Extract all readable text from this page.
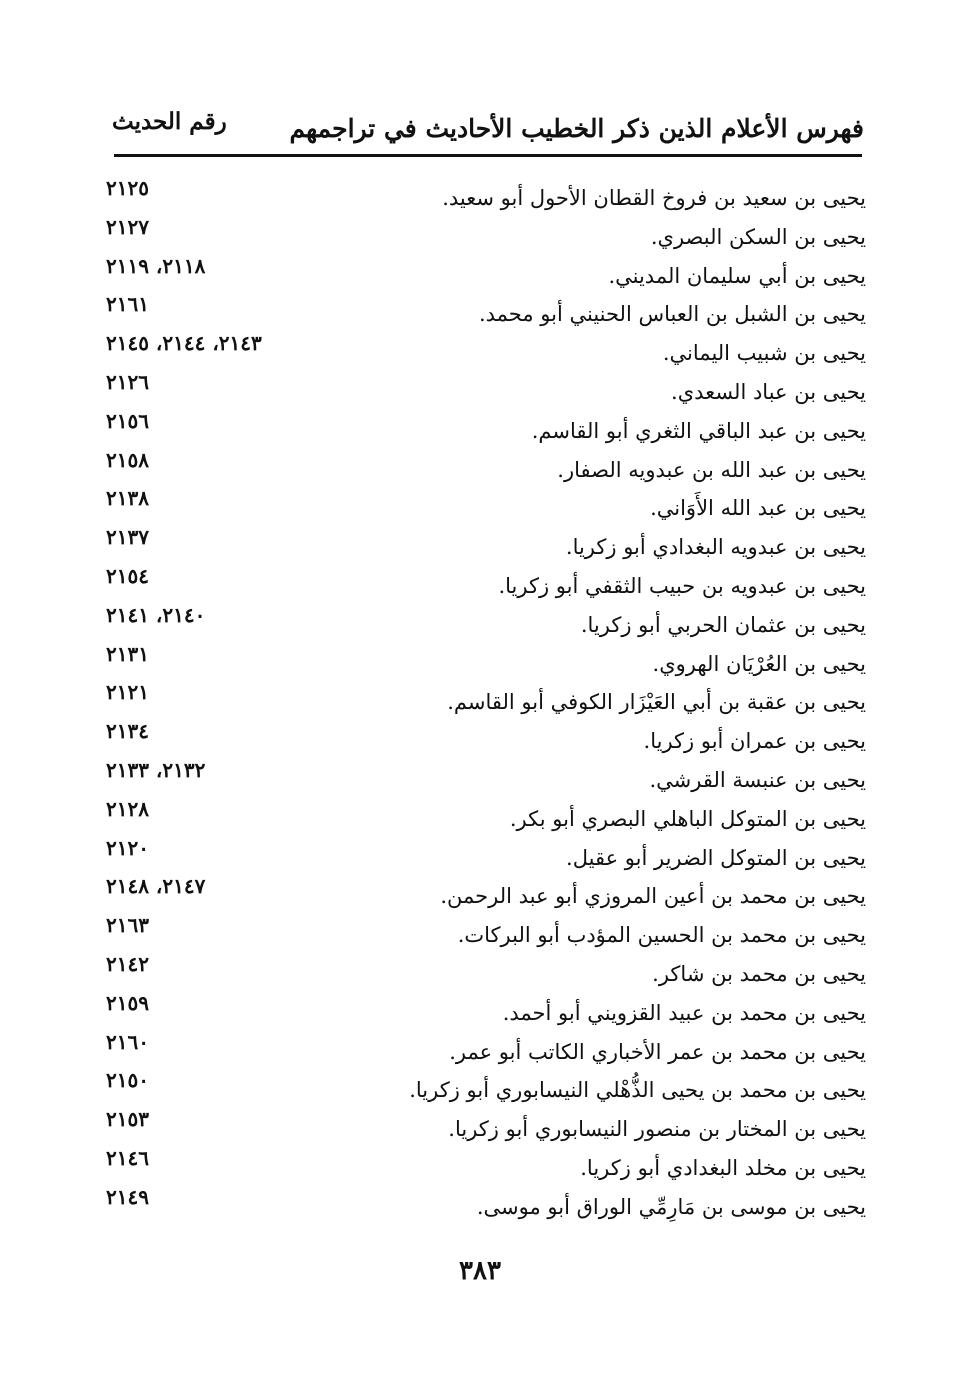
فهرس الأعلام الذين ذكر الخطيب الأحاديث في تراجمهم
رقم الحديث
يحيى بن سعيد بن فروخ القطان الأحول أبو سعيد.
٢١٢٥
يحيى بن السكن البصري.
٢١٢٧
يحيى بن أبي سليمان المديني.
٢١١٨، ٢١١٩
يحيى بن الشبل بن العباس الحنيني أبو محمد.
٢١٦١
يحيى بن شبيب اليماني.
٢١٤٣، ٢١٤٤، ٢١٤٥
يحيى بن عباد السعدي.
٢١٢٦
يحيى بن عبد الباقي الثغري أبو القاسم.
٢١٥٦
يحيى بن عبد الله بن عبدويه الصفار.
٢١٥٨
يحيى بن عبد الله الأَوَاني.
٢١٣٨
يحيى بن عبدويه البغدادي أبو زكريا.
٢١٣٧
يحيى بن عبدويه بن حبيب الثقفي أبو زكريا.
٢١٥٤
يحيى بن عثمان الحربي أبو زكريا.
٢١٤٠، ٢١٤١
يحيى بن العُرْيَان الهروي.
٢١٣١
يحيى بن عقبة بن أبي العَيْزَار الكوفي أبو القاسم.
٢١٢١
يحيى بن عمران أبو زكريا.
٢١٣٤
يحيى بن عنبسة القرشي.
٢١٣٢، ٢١٣٣
يحيى بن المتوكل الباهلي البصري أبو بكر.
٢١٢٨
يحيى بن المتوكل الضرير أبو عقيل.
٢١٢٠
يحيى بن محمد بن أعين المروزي أبو عبد الرحمن.
٢١٤٧، ٢١٤٨
يحيى بن محمد بن الحسين المؤدب أبو البركات.
٢١٦٣
يحيى بن محمد بن شاكر.
٢١٤٢
يحيى بن محمد بن عبيد القزويني أبو أحمد.
٢١٥٩
يحيى بن محمد بن عمر الأخباري الكاتب أبو عمر.
٢١٦٠
يحيى بن محمد بن يحيى الذُّهْلي النيسابوري أبو زكريا.
٢١٥٠
يحيى بن المختار بن منصور النيسابوري أبو زكريا.
٢١٥٣
يحيى بن مخلد البغدادي أبو زكريا.
٢١٤٦
يحيى بن موسى بن مَارِمِّي الوراق أبو موسى.
٢١٤٩
٣٨٣
